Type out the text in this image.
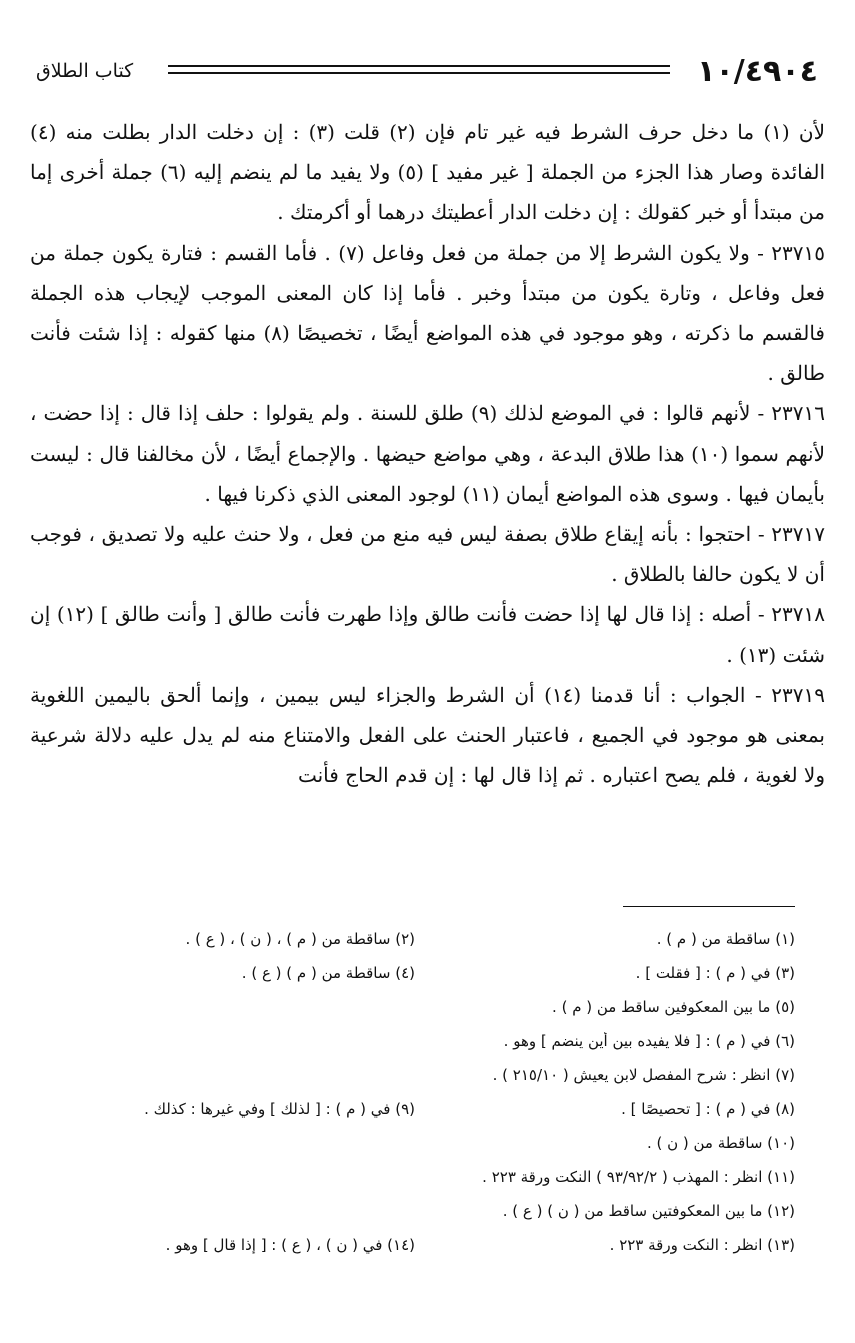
١٠/٤٩٠٤
كتاب الطلاق

لأن (١) ما دخل حرف الشرط فيه غير تام فإن (٢) قلت (٣) : إن دخلت الدار بطلت منه (٤) الفائدة وصار هذا الجزء من الجملة [ غير مفيد ] (٥) ولا يفيد ما لم ينضم إليه (٦) جملة أخرى إما من مبتدأ أو خبر كقولك : إن دخلت الدار أعطيتك درهما أو أكرمتك .

٢٣٧١٥ - ولا يكون الشرط إلا من جملة من فعل وفاعل (٧) . فأما القسم : فتارة يكون جملة من فعل وفاعل ، وتارة يكون من مبتدأ وخبر . فأما إذا كان المعنى الموجب لإيجاب هذه الجملة فالقسم ما ذكرته ، وهو موجود في هذه المواضع أيضًا ، تخصيصًا (٨) منها كقوله : إذا شئت فأنت طالق .

٢٣٧١٦ - لأنهم قالوا : في الموضع لذلك (٩) طلق للسنة . ولم يقولوا : حلف إذا قال : إذا حضت ، لأنهم سموا (١٠) هذا طلاق البدعة ، وهي مواضع حيضها . والإجماع أيضًا ، لأن مخالفنا قال : ليست بأيمان فيها . وسوى هذه المواضع أيمان (١١) لوجود المعنى الذي ذكرنا فيها .

٢٣٧١٧ - احتجوا : بأنه إيقاع طلاق بصفة ليس فيه منع من فعل ، ولا حنث عليه ولا تصديق ، فوجب أن لا يكون حالفا بالطلاق .

٢٣٧١٨ - أصله : إذا قال لها إذا حضت فأنت طالق وإذا طهرت فأنت طالق [ وأنت طالق ] (١٢) إن شئت (١٣) .

٢٣٧١٩ - الجواب : أنا قدمنا (١٤) أن الشرط والجزاء ليس بيمين ، وإنما ألحق باليمين اللغوية بمعنى هو موجود في الجميع ، فاعتبار الحنث على الفعل والامتناع منه لم يدل عليه دلالة شرعية ولا لغوية ، فلم يصح اعتباره . ثم إذا قال لها : إن قدم الحاج فأنت

(١) ساقطة من ( م ) .
(٢) ساقطة من ( م ) ، ( ن ) ، ( ع ) .
(٣) في ( م ) : [ فقلت ] .
(٤) ساقطة من ( م ) ( ع ) .
(٥) ما بين المعكوفين ساقط من ( م ) .
(٦) في ( م ) : [ فلا يفيده بين أين ينضم ] وهو .
(٧) انظر : شرح المفصل لابن يعيش ( ٢١٥/١٠ ) .
(٨) في ( م ) : [ تحصيصًا ] .
(٩) في ( م ) : [ لذلك ] وفي غيرها : كذلك .
(١٠) ساقطة من ( ن ) .
(١١) انظر : المهذب ( ٩٣/٩٢/٢ ) النكت ورقة ٢٢٣ .
(١٢) ما بين المعكوفتين ساقط من ( ن ) ( ع ) .
(١٣) انظر : النكت ورقة ٢٢٣ .
(١٤) في ( ن ) ، ( ع ) : [ إذا قال ] وهو .
